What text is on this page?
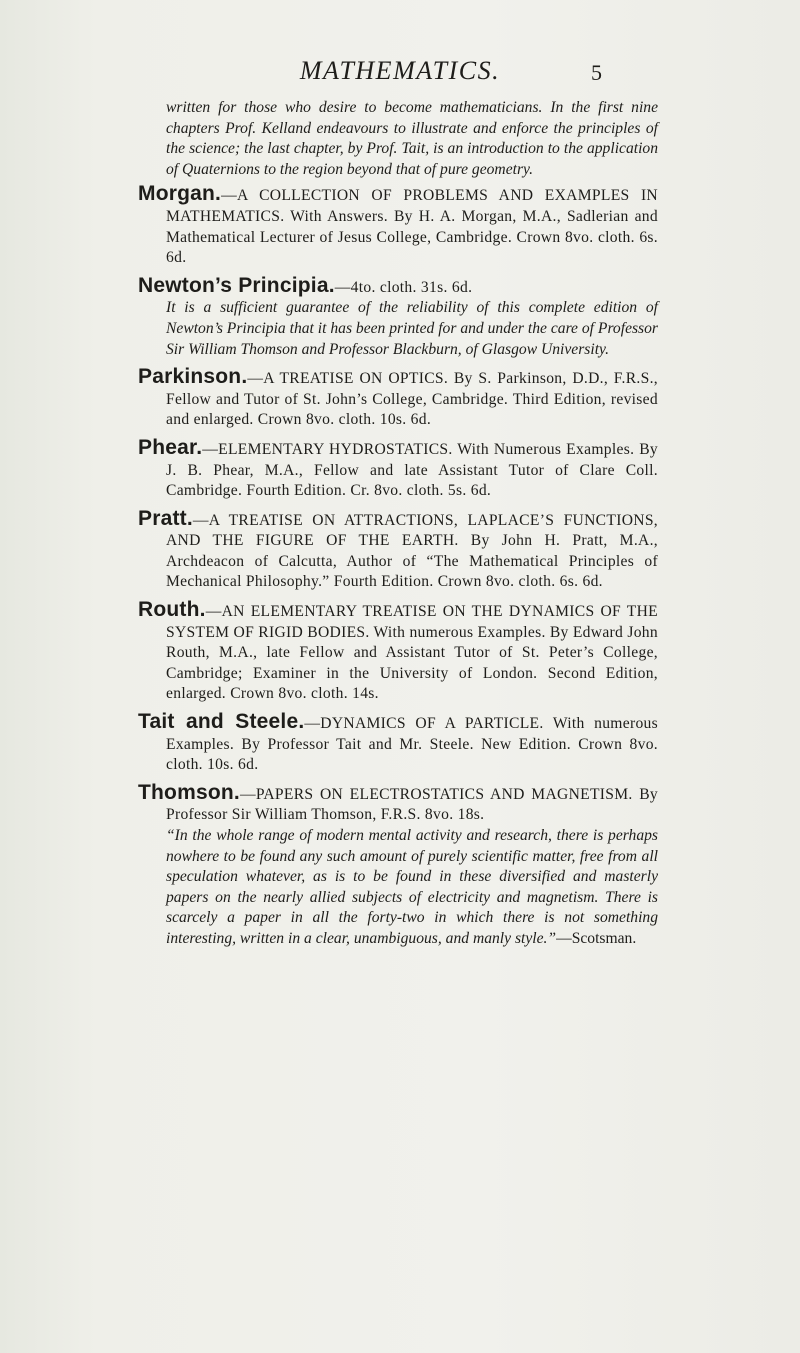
MATHEMATICS.	5

written for those who desire to become mathematicians. In the first nine chapters Prof. Kelland endeavours to illustrate and enforce the principles of the science; the last chapter, by Prof. Tait, is an introduction to the application of Quaternions to the region beyond that of pure geometry.

Morgan.—A COLLECTION OF PROBLEMS AND EXAMPLES IN MATHEMATICS. With Answers. By H. A. Morgan, M.A., Sadlerian and Mathematical Lecturer of Jesus College, Cambridge. Crown 8vo. cloth. 6s. 6d.

Newton’s Principia.—4to. cloth. 31s. 6d.

It is a sufficient guarantee of the reliability of this complete edition of Newton’s Principia that it has been printed for and under the care of Professor Sir William Thomson and Professor Blackburn, of Glasgow University.

Parkinson.—A TREATISE ON OPTICS. By S. Parkinson, D.D., F.R.S., Fellow and Tutor of St. John’s College, Cambridge. Third Edition, revised and enlarged. Crown 8vo. cloth. 10s. 6d.

Phear.—ELEMENTARY HYDROSTATICS. With Numerous Examples. By J. B. Phear, M.A., Fellow and late Assistant Tutor of Clare Coll. Cambridge. Fourth Edition. Cr. 8vo. cloth. 5s. 6d.

Pratt.—A TREATISE ON ATTRACTIONS, LAPLACE’S FUNCTIONS, AND THE FIGURE OF THE EARTH. By John H. Pratt, M.A., Archdeacon of Calcutta, Author of “The Mathematical Principles of Mechanical Philosophy.” Fourth Edition. Crown 8vo. cloth. 6s. 6d.

Routh.—AN ELEMENTARY TREATISE ON THE DYNAMICS OF THE SYSTEM OF RIGID BODIES. With numerous Examples. By Edward John Routh, M.A., late Fellow and Assistant Tutor of St. Peter’s College, Cambridge; Examiner in the University of London. Second Edition, enlarged. Crown 8vo. cloth. 14s.

Tait and Steele.—DYNAMICS OF A PARTICLE. With numerous Examples. By Professor Tait and Mr. Steele. New Edition. Crown 8vo. cloth. 10s. 6d.

Thomson.—PAPERS ON ELECTROSTATICS AND MAGNETISM. By Professor Sir William Thomson, F.R.S. 8vo. 18s.

“In the whole range of modern mental activity and research, there is perhaps nowhere to be found any such amount of purely scientific matter, free from all speculation whatever, as is to be found in these diversified and masterly papers on the nearly allied subjects of electricity and magnetism. There is scarcely a paper in all the forty-two in which there is not something interesting, written in a clear, unambiguous, and manly style.”—Scotsman.
